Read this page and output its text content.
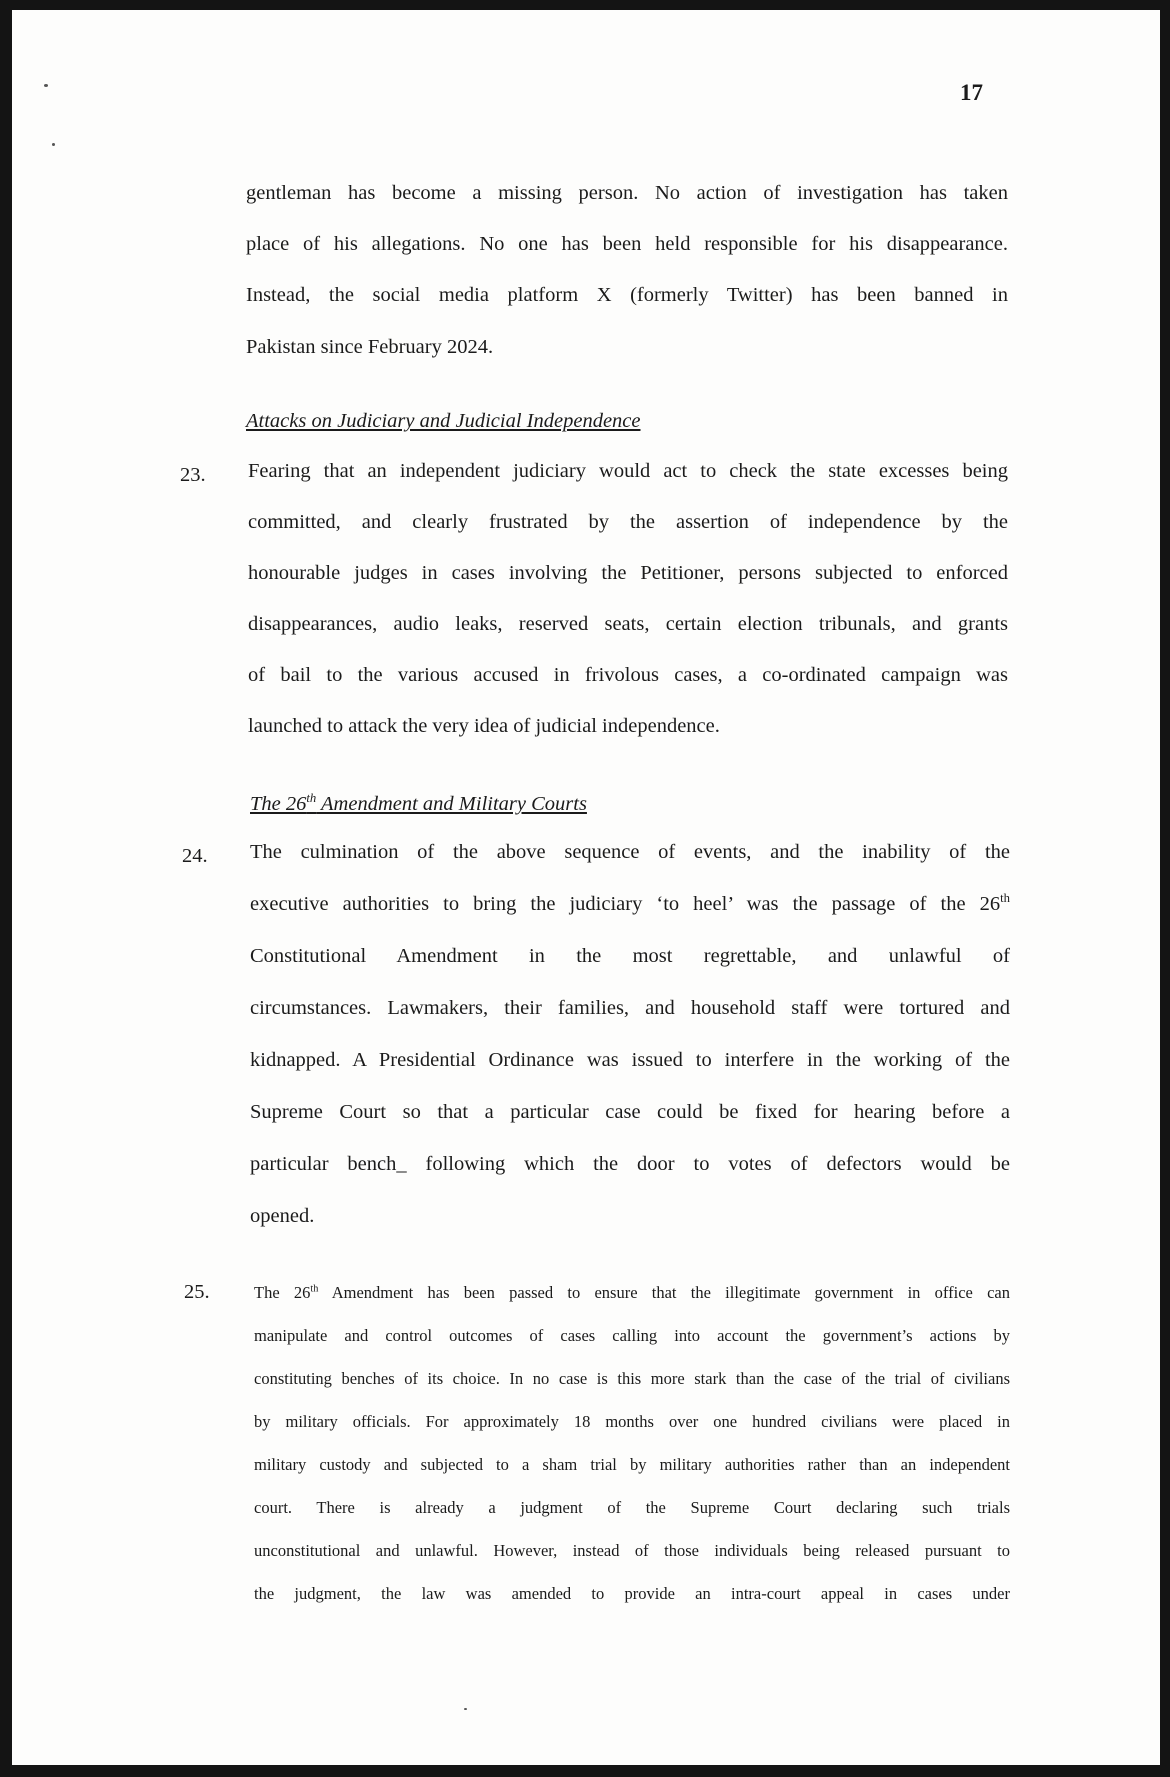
17
gentleman has become a missing person. No action of investigation has taken
place of his allegations. No one has been held responsible for his disappearance.
Instead, the social media platform X (formerly Twitter) has been banned in
Pakistan since February 2024.
Attacks on Judiciary and Judicial Independence
23. Fearing that an independent judiciary would act to check the state excesses being
committed, and clearly frustrated by the assertion of independence by the
honourable judges in cases involving the Petitioner, persons subjected to enforced
disappearances, audio leaks, reserved seats, certain election tribunals, and grants
of bail to the various accused in frivolous cases, a co-ordinated campaign was
launched to attack the very idea of judicial independence.
The 26th Amendment and Military Courts
24. The culmination of the above sequence of events, and the inability of the
executive authorities to bring the judiciary ‘to heel’ was the passage of the 26th
Constitutional Amendment in the most regrettable, and unlawful of
circumstances. Lawmakers, their families, and household staff were tortured and
kidnapped. A Presidential Ordinance was issued to interfere in the working of the
Supreme Court so that a particular case could be fixed for hearing before a
particular bench_ following which the door to votes of defectors would be
opened.
25.	The 26th Amendment has been passed to ensure that the illegitimate government in office can
manipulate and control outcomes of cases calling into account the government’s actions by
constituting benches of its choice. In no case is this more stark than the case of the trial of civilians
by military officials. For approximately 18 months over one hundred civilians were placed in
military custody and subjected to a sham trial by military authorities rather than an independent
court. There is already a judgment of the Supreme Court declaring such trials
unconstitutional and unlawful. However, instead of those individuals being released pursuant to
the judgment, the law was amended to provide an intra-court appeal in cases under
